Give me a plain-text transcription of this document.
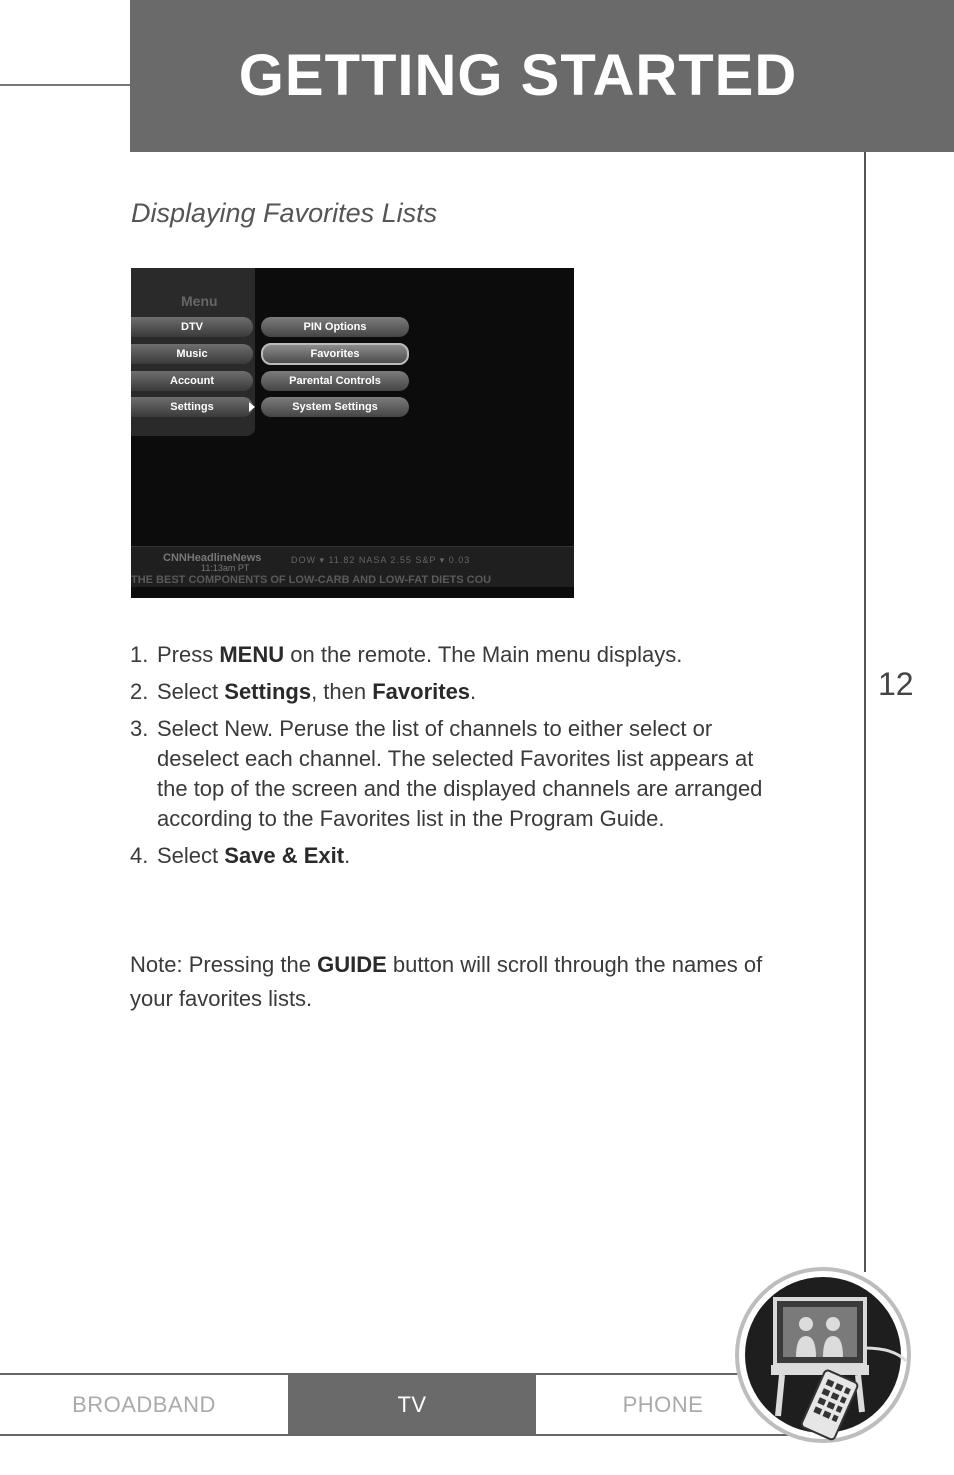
GETTING STARTED
12
Displaying Favorites Lists
Menu
DTV
Music
Account
Settings
PIN Options
Favorites
Parental Controls
System Settings
CNNHeadlineNews
11:13am PT
DOW ▾ 11.82 NASA 2.55 S&P ▾ 0.03
THE BEST COMPONENTS OF LOW-CARB AND LOW-FAT DIETS COU
1. Press MENU on the remote. The Main menu displays.
2. Select Settings, then Favorites.
3. Select New. Peruse the list of channels to either select or deselect each channel. The selected Favorites list appears at the top of the screen and the displayed channels are arranged according to the Favorites list in the Program Guide.
4. Select Save & Exit.

Note: Pressing the GUIDE button will scroll through the names of your favorites lists.

BROADBAND	TV	PHONE
